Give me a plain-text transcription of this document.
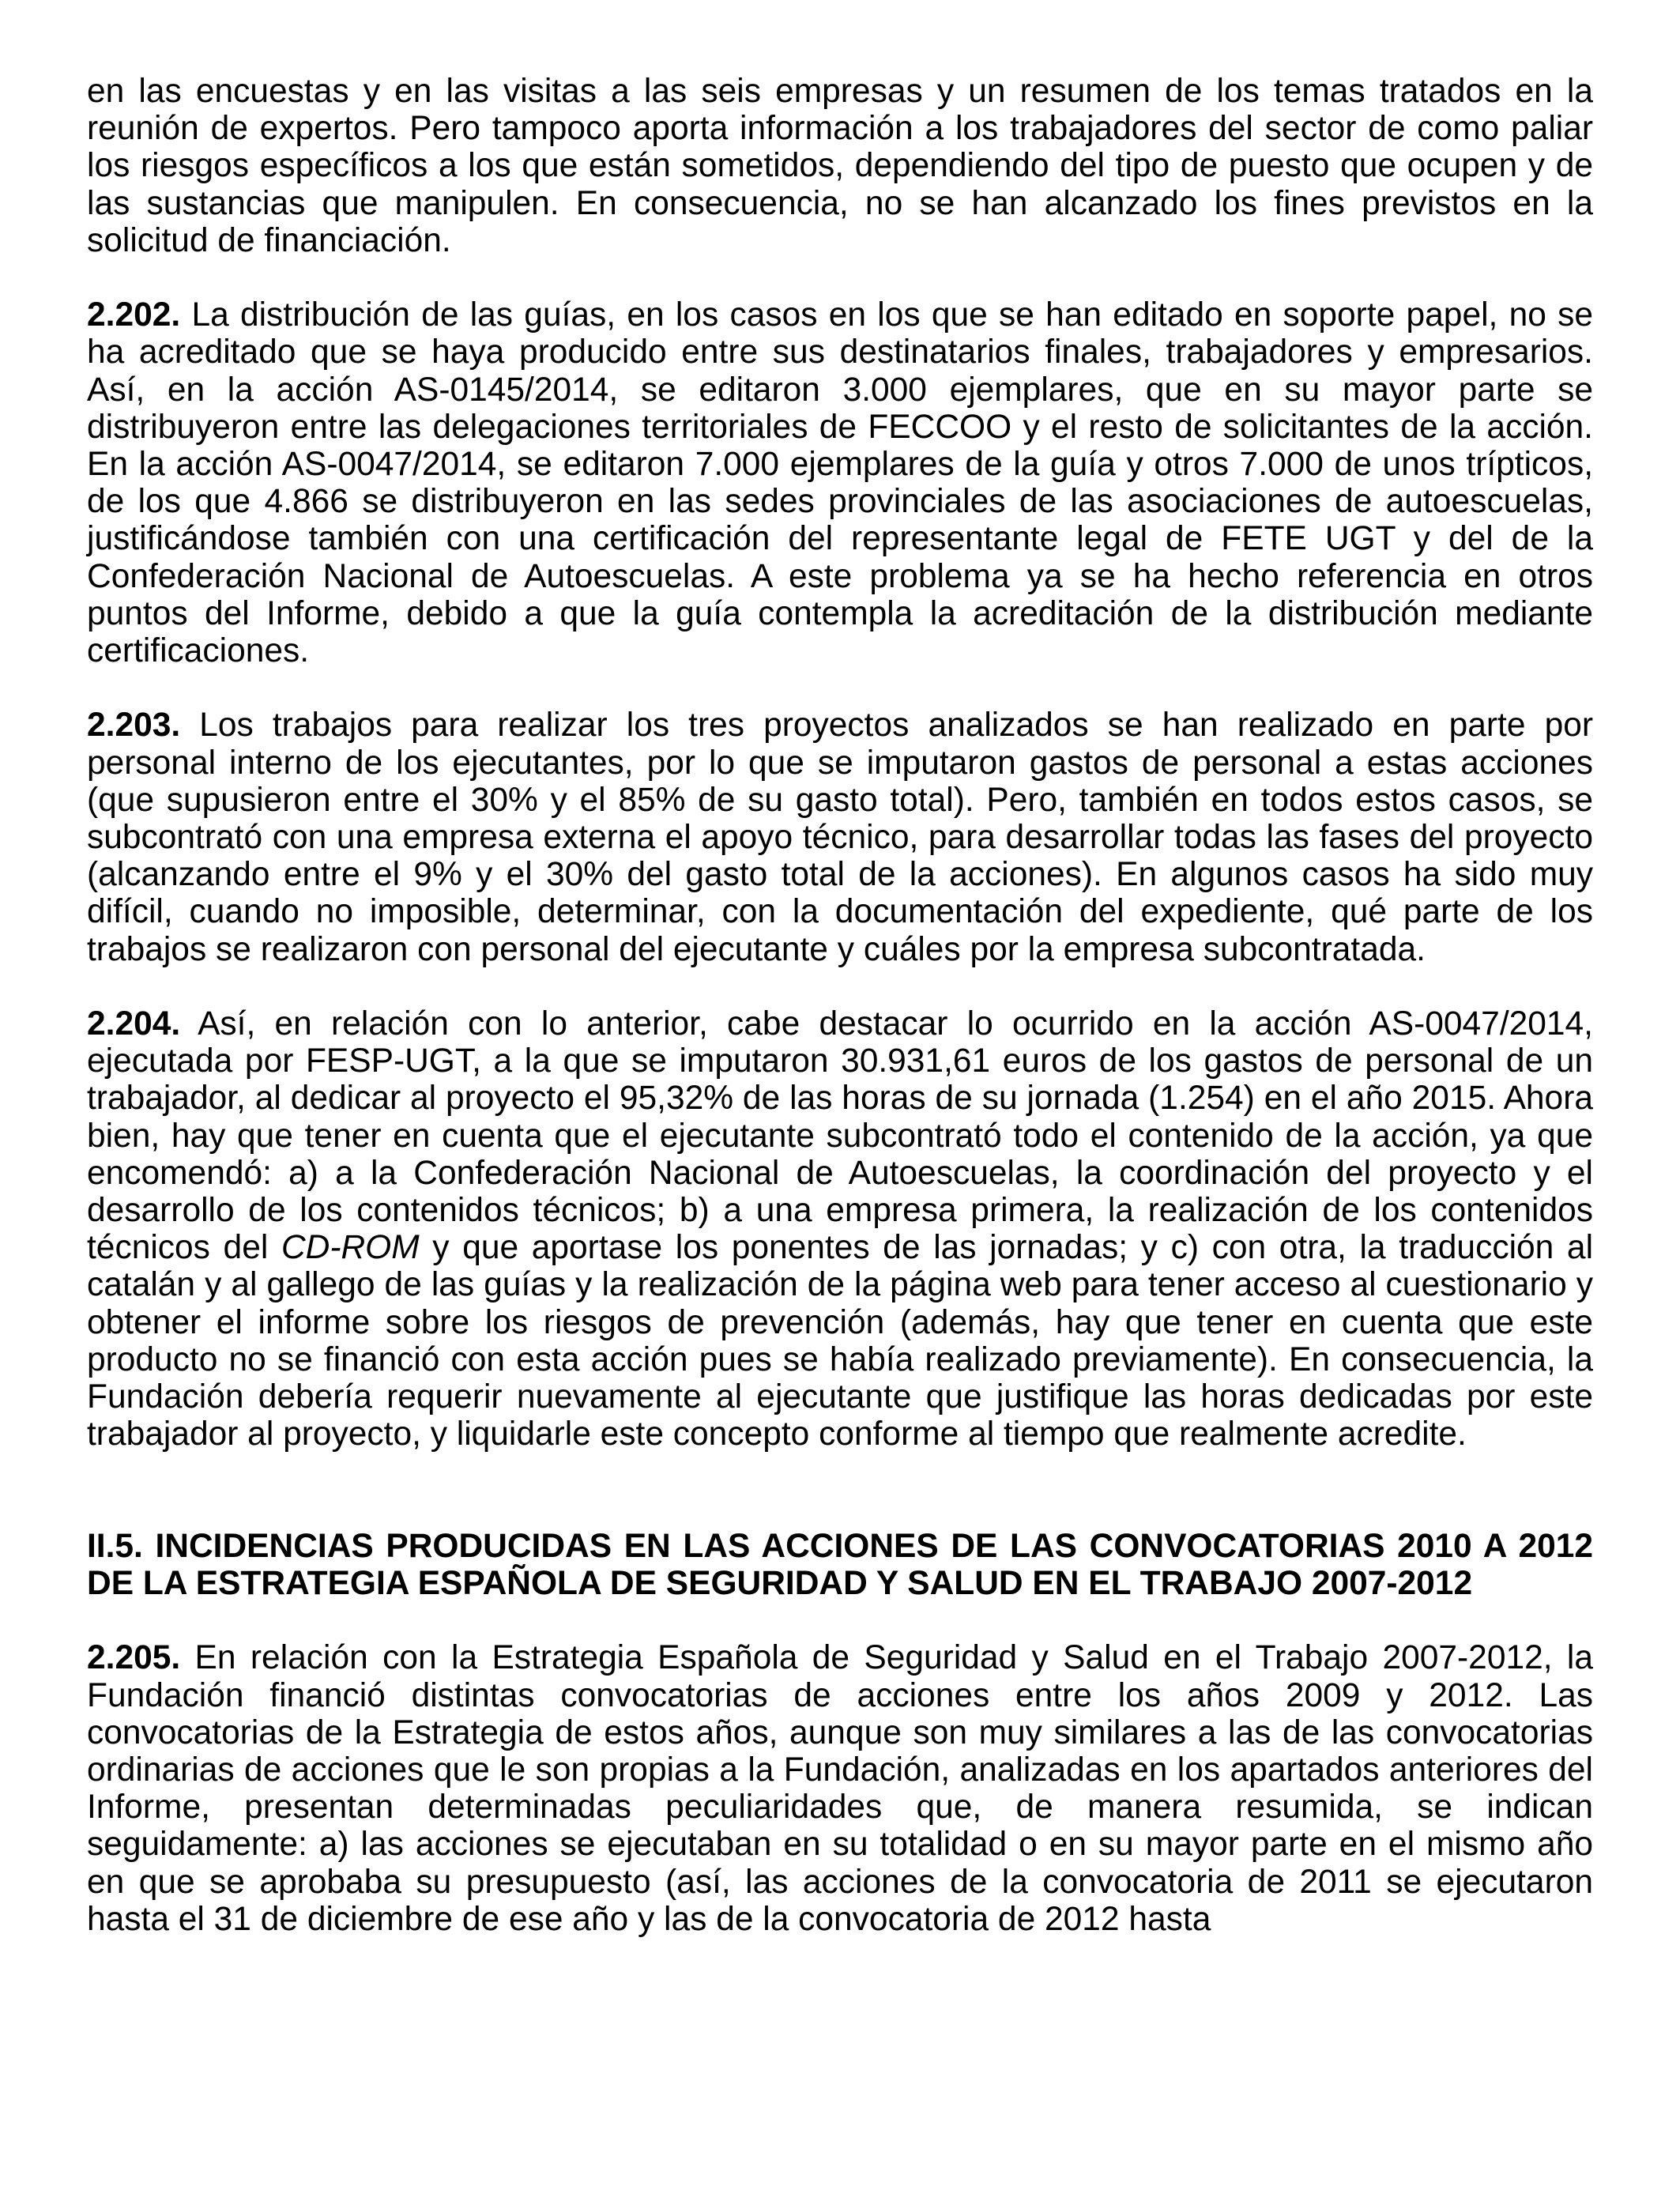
en las encuestas y en las visitas a las seis empresas y un resumen de los temas tratados en la reunión de expertos. Pero tampoco aporta información a los trabajadores del sector de como paliar los riesgos específicos a los que están sometidos, dependiendo del tipo de puesto que ocupen y de las sustancias que manipulen. En consecuencia, no se han alcanzado los fines previstos en la solicitud de financiación.

2.202. La distribución de las guías, en los casos en los que se han editado en soporte papel, no se ha acreditado que se haya producido entre sus destinatarios finales, trabajadores y empresarios. Así, en la acción AS-0145/2014, se editaron 3.000 ejemplares, que en su mayor parte se distribuyeron entre las delegaciones territoriales de FECCOO y el resto de solicitantes de la acción. En la acción AS-0047/2014, se editaron 7.000 ejemplares de la guía y otros 7.000 de unos trípticos, de los que 4.866 se distribuyeron en las sedes provinciales de las asociaciones de autoescuelas, justificándose también con una certificación del representante legal de FETE UGT y del de la Confederación Nacional de Autoescuelas. A este problema ya se ha hecho referencia en otros puntos del Informe, debido a que la guía contempla la acreditación de la distribución mediante certificaciones.

2.203. Los trabajos para realizar los tres proyectos analizados se han realizado en parte por personal interno de los ejecutantes, por lo que se imputaron gastos de personal a estas acciones (que supusieron entre el 30% y el 85% de su gasto total). Pero, también en todos estos casos, se subcontrató con una empresa externa el apoyo técnico, para desarrollar todas las fases del proyecto (alcanzando entre el 9% y el 30% del gasto total de la acciones). En algunos casos ha sido muy difícil, cuando no imposible, determinar, con la documentación del expediente, qué parte de los trabajos se realizaron con personal del ejecutante y cuáles por la empresa subcontratada.

2.204. Así, en relación con lo anterior, cabe destacar lo ocurrido en la acción AS-0047/2014, ejecutada por FESP-UGT, a la que se imputaron 30.931,61 euros de los gastos de personal de un trabajador, al dedicar al proyecto el 95,32% de las horas de su jornada (1.254) en el año 2015. Ahora bien, hay que tener en cuenta que el ejecutante subcontrató todo el contenido de la acción, ya que encomendó: a) a la Confederación Nacional de Autoescuelas, la coordinación del proyecto y el desarrollo de los contenidos técnicos; b) a una empresa primera, la realización de los contenidos técnicos del CD-ROM y que aportase los ponentes de las jornadas; y c) con otra, la traducción al catalán y al gallego de las guías y la realización de la página web para tener acceso al cuestionario y obtener el informe sobre los riesgos de prevención (además, hay que tener en cuenta que este producto no se financió con esta acción pues se había realizado previamente). En consecuencia, la Fundación debería requerir nuevamente al ejecutante que justifique las horas dedicadas por este trabajador al proyecto, y liquidarle este concepto conforme al tiempo que realmente acredite.

II.5. INCIDENCIAS PRODUCIDAS EN LAS ACCIONES DE LAS CONVOCATORIAS 2010 A 2012 DE LA ESTRATEGIA ESPAÑOLA DE SEGURIDAD Y SALUD EN EL TRABAJO 2007-2012

2.205. En relación con la Estrategia Española de Seguridad y Salud en el Trabajo 2007-2012, la Fundación financió distintas convocatorias de acciones entre los años 2009 y 2012. Las convocatorias de la Estrategia de estos años, aunque son muy similares a las de las convocatorias ordinarias de acciones que le son propias a la Fundación, analizadas en los apartados anteriores del Informe, presentan determinadas peculiaridades que, de manera resumida, se indican seguidamente: a) las acciones se ejecutaban en su totalidad o en su mayor parte en el mismo año en que se aprobaba su presupuesto (así, las acciones de la convocatoria de 2011 se ejecutaron hasta el 31 de diciembre de ese año y las de la convocatoria de 2012 hasta
